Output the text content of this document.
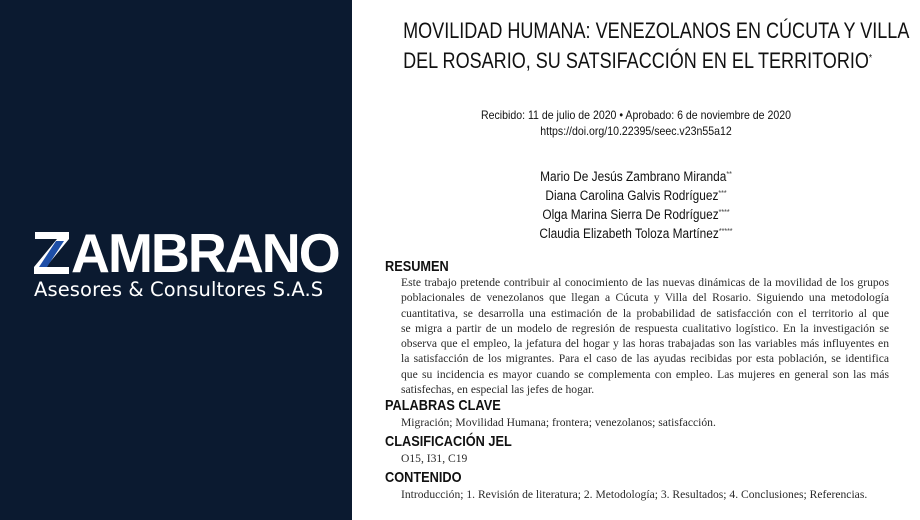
AMBRANO
Asesores & Consultores S.A.S
MOVILIDAD HUMANA: VENEZOLANOS EN CÚCUTA Y VILLA
DEL ROSARIO, SU SATSIFACCIÓN EN EL TERRITORIO*
Recibido: 11 de julio de 2020 • Aprobado: 6 de noviembre de 2020
https://doi.org/10.22395/seec.v23n55a12
Mario De Jesús Zambrano Miranda**
Diana Carolina Galvis Rodríguez***
Olga Marina Sierra De Rodríguez****
Claudia Elizabeth Toloza Martínez*****
RESUMEN
Este trabajo pretende contribuir al conocimiento de las nuevas dinámicas de la movilidad de los grupos
poblacionales de venezolanos que llegan a Cúcuta y Villa del Rosario. Siguiendo una metodología
cuantitativa, se desarrolla una estimación de la probabilidad de satisfacción con el territorio al que
se migra a partir de un modelo de regresión de respuesta cualitativo logístico. En la investigación se
observa que el empleo, la jefatura del hogar y las horas trabajadas son las variables más influyentes en
la satisfacción de los migrantes. Para el caso de las ayudas recibidas por esta población, se identifica
que su incidencia es mayor cuando se complementa con empleo. Las mujeres en general son las más
satisfechas, en especial las jefes de hogar.
PALABRAS CLAVE
Migración; Movilidad Humana; frontera; venezolanos; satisfacción.
CLASIFICACIÓN JEL
O15, I31, C19
CONTENIDO
Introducción; 1. Revisión de literatura; 2. Metodología; 3. Resultados; 4. Conclusiones; Referencias.
